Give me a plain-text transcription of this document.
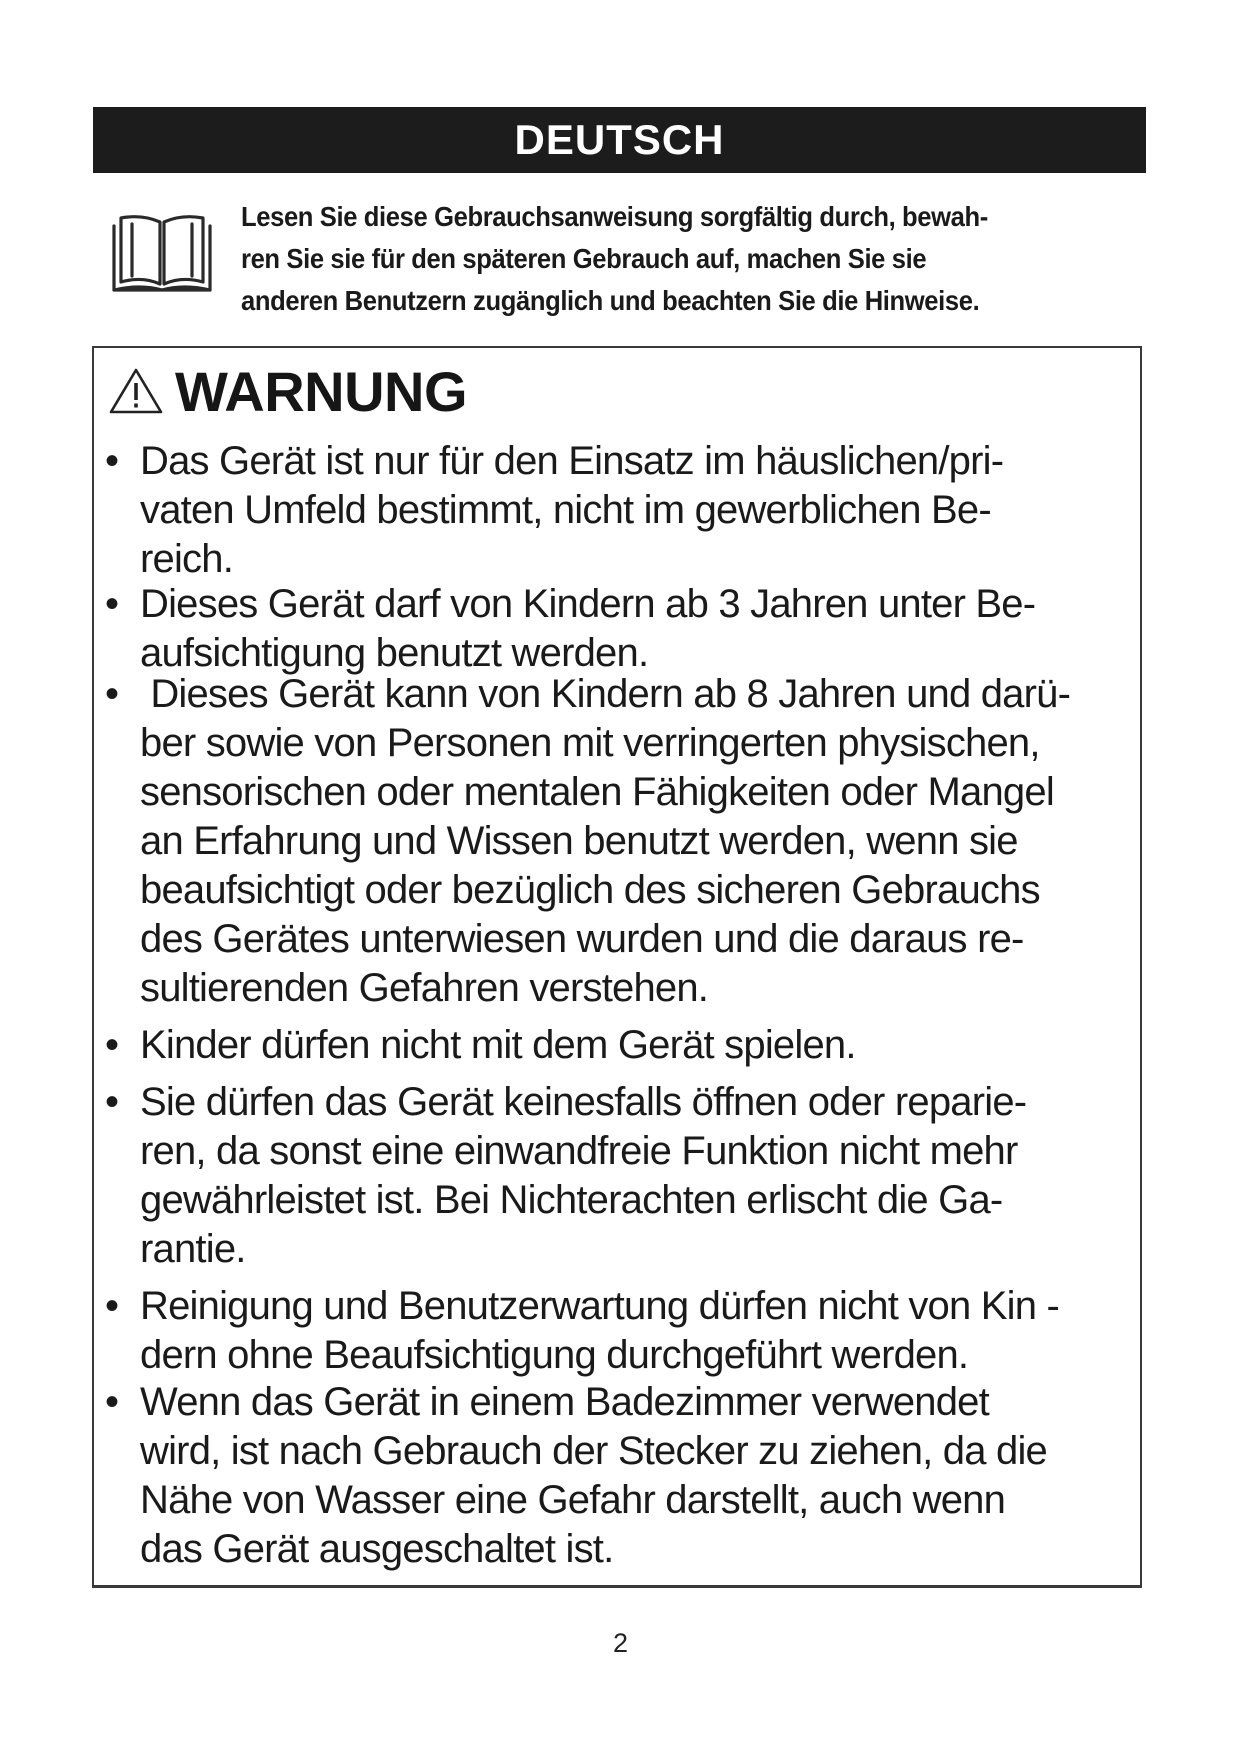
DEUTSCH
Lesen Sie diese Gebrauchsanweisung sorgfältig durch, bewah-
ren Sie sie für den späteren Gebrauch auf, machen Sie sie
anderen Benutzern zugänglich und beachten Sie die Hinweise.
WARNUNG
• Das Gerät ist nur für den Einsatz im häuslichen/pri-
vaten Umfeld bestimmt, nicht im gewerblichen Be-
reich.
• Dieses Gerät darf von Kindern ab 3 Jahren unter Be-
aufsichtigung benutzt werden.
• Dieses Gerät kann von Kindern ab 8 Jahren und darü-
ber sowie von Personen mit verringerten physischen,
sensorischen oder mentalen Fähigkeiten oder Mangel
an Erfahrung und Wissen benutzt werden, wenn sie
beaufsichtigt oder bezüglich des sicheren Gebrauchs
des Gerätes unterwiesen wurden und die daraus re-
sultierenden Gefahren verstehen.
• Kinder dürfen nicht mit dem Gerät spielen.
• Sie dürfen das Gerät keinesfalls öffnen oder reparie-
ren, da sonst eine einwandfreie Funktion nicht mehr
gewährleistet ist. Bei Nichterachten erlischt die Ga-
rantie.
• Reinigung und Benutzerwartung dürfen nicht von Kin -
dern ohne Beaufsichtigung durchgeführt werden.
• Wenn das Gerät in einem Badezimmer verwendet
wird, ist nach Gebrauch der Stecker zu ziehen, da die
Nähe von Wasser eine Gefahr darstellt, auch wenn
das Gerät ausgeschaltet ist.
2
